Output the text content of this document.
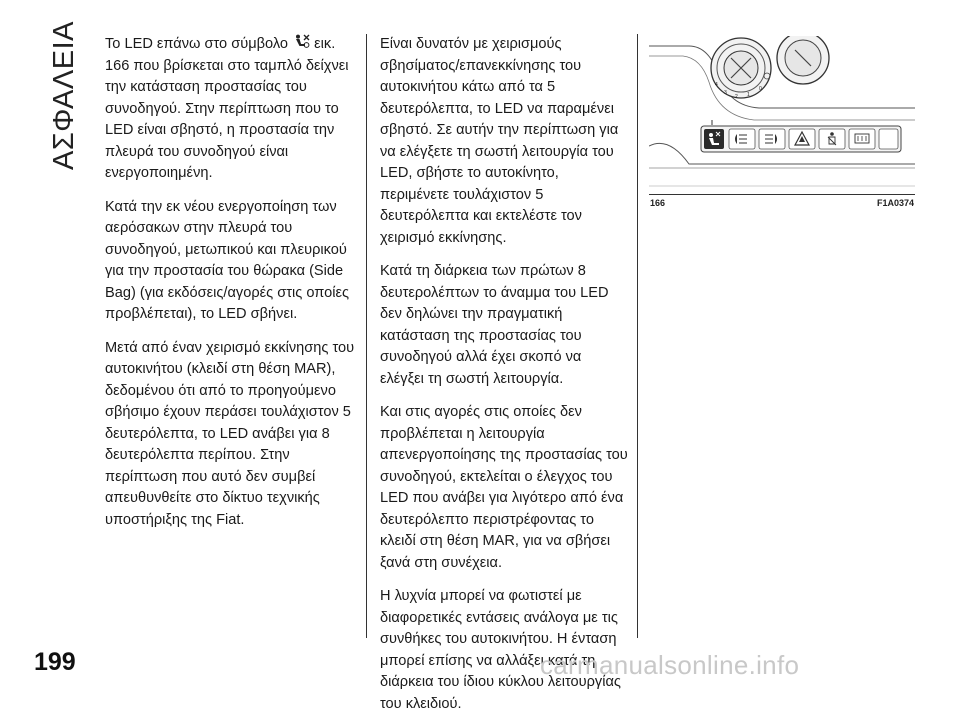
ΑΣΦΑΛΕΙΑ
199

Το LED επάνω στο σύμβολο εικ. 166 που βρίσκεται στο ταμπλό δείχνει την κατάσταση προστασίας του συνοδηγού. Στην περίπτωση που το LED είναι σβηστό, η προστασία την πλευρά του συνοδηγού είναι ενεργοποιημένη.

Κατά την εκ νέου ενεργοποίηση των αερόσακων στην πλευρά του συνοδηγού, μετωπικού και πλευρικού για την προστασία του θώρακα (Side Bag) (για εκδόσεις/αγορές στις οποίες προβλέπεται), το LED σβήνει.

Μετά από έναν χειρισμό εκκίνησης του αυτοκινήτου (κλειδί στη θέση MAR), δεδομένου ότι από το προηγούμενο σβήσιμο έχουν περάσει τουλάχιστον 5 δευτερόλεπτα, το LED ανάβει για 8 δευτερόλεπτα περίπου. Στην περίπτωση που αυτό δεν συμβεί απευθυνθείτε στο δίκτυο τεχνικής υποστήριξης της Fiat.

Είναι δυνατόν με χειρισμούς σβησίματος/επανεκκίνησης του αυτοκινήτου κάτω από τα 5 δευτερόλεπτα, το LED να παραμένει σβηστό. Σε αυτήν την περίπτωση για να ελέγξετε τη σωστή λειτουργία του LED, σβήστε το αυτοκίνητο, περιμένετε τουλάχιστον 5 δευτερόλεπτα και εκτελέστε τον χειρισμό εκκίνησης.

Κατά τη διάρκεια των πρώτων 8 δευτερολέπτων το άναμμα του LED δεν δηλώνει την πραγματική κατάσταση της προστασίας του συνοδηγού αλλά έχει σκοπό να ελέγξει τη σωστή λειτουργία.

Και στις αγορές στις οποίες δεν προβλέπεται η λειτουργία απενεργοποίησης της προστασίας του συνοδηγού, εκτελείται ο έλεγχος του LED που ανάβει για λιγότερο από ένα δευτερόλεπτο περιστρέφοντας το κλειδί στη θέση MAR, για να σβήσει ξανά στη συνέχεια.

Η λυχνία μπορεί να φωτιστεί με διαφορετικές εντάσεις ανάλογα με τις συνθήκες του αυτοκινήτου. Η ένταση μπορεί επίσης να αλλάξει κατά τη διάρκεια του ίδιου κύκλου λειτουργίας του κλειδιού.

4
3
2 1
0
166	F1A0374
carmanualsonline.info
